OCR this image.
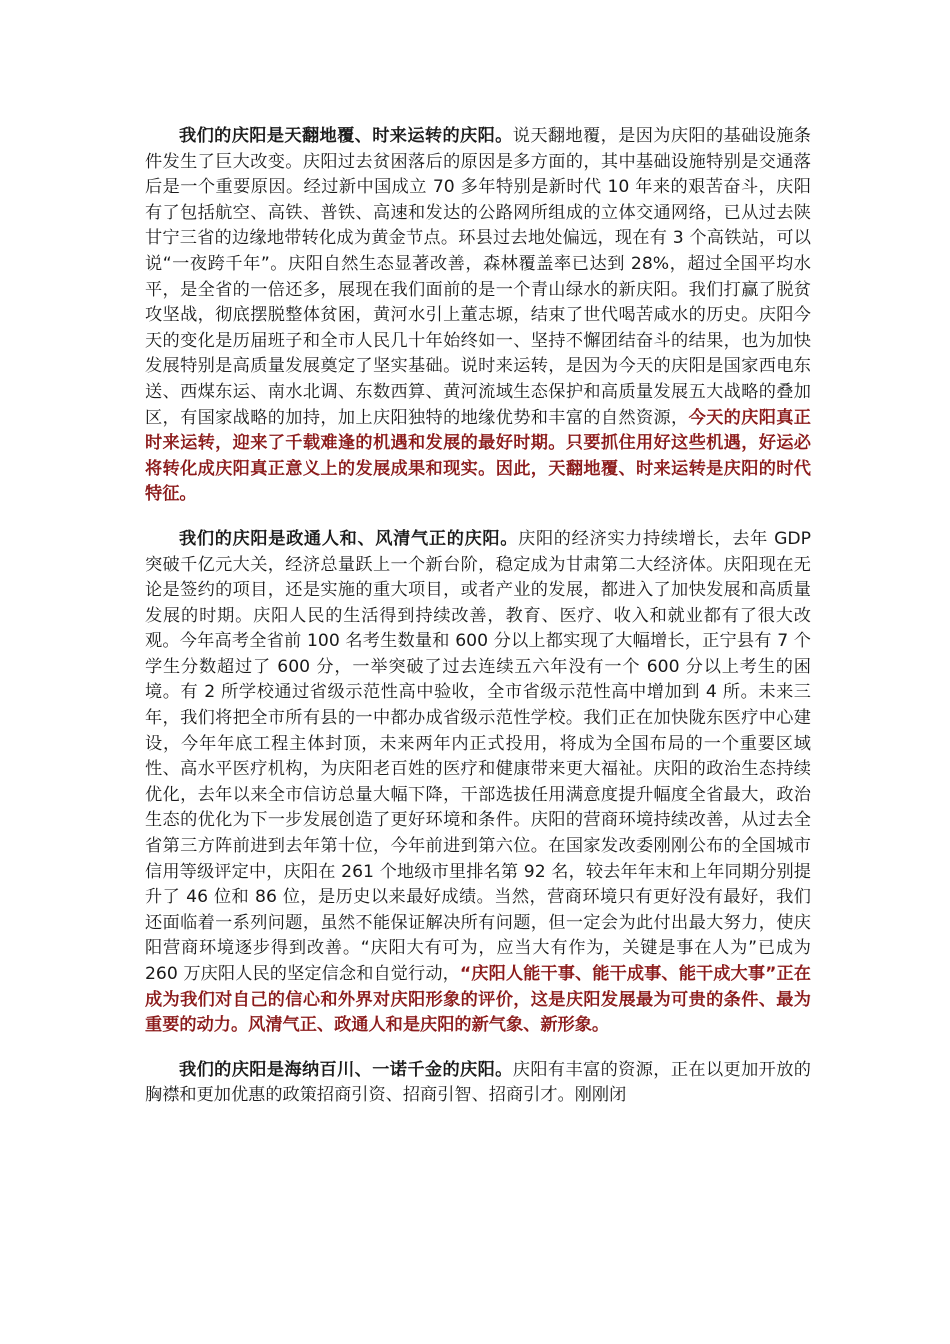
我们的庆阳是天翻地覆、时来运转的庆阳。说天翻地覆，是因为庆阳的基础设施条件发生了巨大改变。庆阳过去贫困落后的原因是多方面的，其中基础设施特别是交通落后是一个重要原因。经过新中国成立 70 多年特别是新时代 10 年来的艰苦奋斗，庆阳有了包括航空、高铁、普铁、高速和发达的公路网所组成的立体交通网络，已从过去陕甘宁三省的边缘地带转化成为黄金节点。环县过去地处偏远，现在有 3 个高铁站，可以说“一夜跨千年”。庆阳自然生态显著改善，森林覆盖率已达到 28%，超过全国平均水平，是全省的一倍还多，展现在我们面前的是一个青山绿水的新庆阳。我们打赢了脱贫攻坚战，彻底摆脱整体贫困，黄河水引上董志塬，结束了世代喝苦咸水的历史。庆阳今天的变化是历届班子和全市人民几十年始终如一、坚持不懈团结奋斗的结果，也为加快发展特别是高质量发展奠定了坚实基础。说时来运转，是因为今天的庆阳是国家西电东送、西煤东运、南水北调、东数西算、黄河流域生态保护和高质量发展五大战略的叠加区，有国家战略的加持，加上庆阳独特的地缘优势和丰富的自然资源，今天的庆阳真正时来运转，迎来了千载难逢的机遇和发展的最好时期。只要抓住用好这些机遇，好运必将转化成庆阳真正意义上的发展成果和现实。因此，天翻地覆、时来运转是庆阳的时代特征。

我们的庆阳是政通人和、风清气正的庆阳。庆阳的经济实力持续增长，去年 GDP 突破千亿元大关，经济总量跃上一个新台阶，稳定成为甘肃第二大经济体。庆阳现在无论是签约的项目，还是实施的重大项目，或者产业的发展，都进入了加快发展和高质量发展的时期。庆阳人民的生活得到持续改善，教育、医疗、收入和就业都有了很大改观。今年高考全省前 100 名考生数量和 600 分以上都实现了大幅增长，正宁县有 7 个学生分数超过了 600 分，一举突破了过去连续五六年没有一个 600 分以上考生的困境。有 2 所学校通过省级示范性高中验收，全市省级示范性高中增加到 4 所。未来三年，我们将把全市所有县的一中都办成省级示范性学校。我们正在加快陇东医疗中心建设，今年年底工程主体封顶，未来两年内正式投用，将成为全国布局的一个重要区域性、高水平医疗机构，为庆阳老百姓的医疗和健康带来更大福祉。庆阳的政治生态持续优化，去年以来全市信访总量大幅下降，干部选拔任用满意度提升幅度全省最大，政治生态的优化为下一步发展创造了更好环境和条件。庆阳的营商环境持续改善，从过去全省第三方阵前进到去年第十位，今年前进到第六位。在国家发改委刚刚公布的全国城市信用等级评定中，庆阳在 261 个地级市里排名第 92 名，较去年年末和上年同期分别提升了 46 位和 86 位，是历史以来最好成绩。当然，营商环境只有更好没有最好，我们还面临着一系列问题，虽然不能保证解决所有问题，但一定会为此付出最大努力，使庆阳营商环境逐步得到改善。“庆阳大有可为，应当大有作为，关键是事在人为”已成为 260 万庆阳人民的坚定信念和自觉行动，“庆阳人能干事、能干成事、能干成大事”正在成为我们对自己的信心和外界对庆阳形象的评价，这是庆阳发展最为可贵的条件、最为重要的动力。风清气正、政通人和是庆阳的新气象、新形象。

我们的庆阳是海纳百川、一诺千金的庆阳。庆阳有丰富的资源，正在以更加开放的胸襟和更加优惠的政策招商引资、招商引智、招商引才。刚刚闭
